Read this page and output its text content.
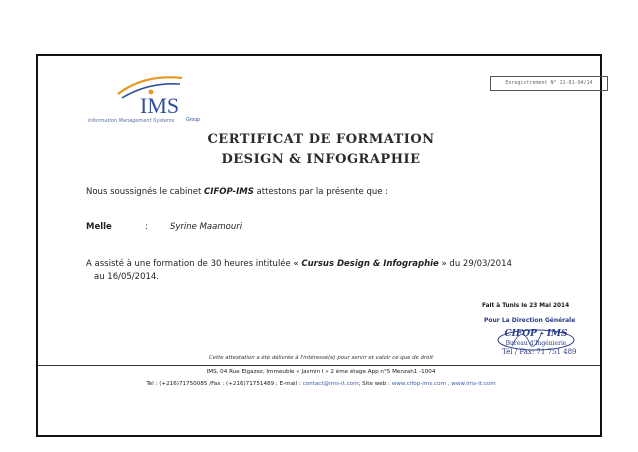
Enregistrement N° 11-01-04/14
IMS
Group
Information Management Systems
CERTIFICAT DE FORMATION
DESIGN & INFOGRAPHIE
Nous soussignés le cabinet CIFOP-IMS attestons par la présente que :
Melle	:	Syrine Maamouri
A assisté à une formation de 30 heures intitulée « Cursus Design & Infographie » du 29/03/2014
au 16/05/2014.
Fait à Tunis le 23 Mai 2014
Pour La Direction Générale
CIFOP - IMS
Bureau d'Ingénierie
Tél / Fax: 71 751 489
Cette attestation a été délivrée à l'intéressé(e) pour servir et valoir ce que de droit
IMS, 04 Rue Elgazez, Immeuble « Jasmin I » 2 ème étage App n°5 Menzah1 -1004
Tel : (+216)71750085 /Fax : (+216)71751489 ; E-mail : contact@ims-it.com; Site web : www.cifop-ims.com , www.ims-it.com
